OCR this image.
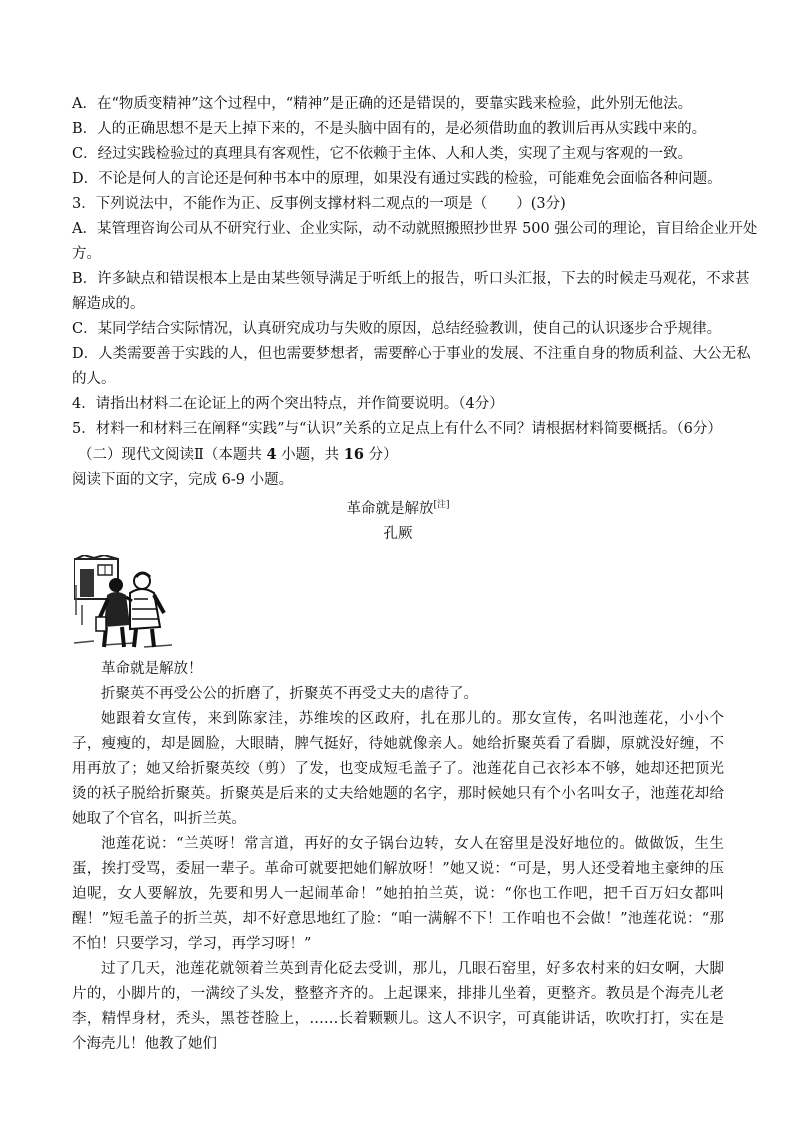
A．在“物质变精神”这个过程中，“精神”是正确的还是错误的，要靠实践来检验，此外别无他法。
B．人的正确思想不是天上掉下来的，不是头脑中固有的，是必须借助血的教训后再从实践中来的。
C．经过实践检验过的真理具有客观性，它不依赖于主体、人和人类，实现了主观与客观的一致。
D．不论是何人的言论还是何种书本中的原理，如果没有通过实践的检验，可能难免会面临各种问题。
3．下列说法中，不能作为正、反事例支撑材料二观点的一项是（　　）(3分)
A．某管理咨询公司从不研究行业、企业实际，动不动就照搬照抄世界 500 强公司的理论，盲目给企业开处
方。
B．许多缺点和错误根本上是由某些领导满足于听纸上的报告，听口头汇报，下去的时候走马观花，不求甚
解造成的。
C．某同学结合实际情况，认真研究成功与失败的原因，总结经验教训，使自己的认识逐步合乎规律。
D．人类需要善于实践的人，但也需要梦想者，需要醉心于事业的发展、不注重自身的物质利益、大公无私
的人。
4．请指出材料二在论证上的两个突出特点，并作简要说明。（4分）
5．材料一和材料三在阐释“实践”与“认识”关系的立足点上有什么不同？请根据材料简要概括。（6分）
（二）现代文阅读Ⅱ（本题共 4 小题，共 16 分）
阅读下面的文字，完成 6-9 小题。
革命就是解放[注]
孔厥
革命就是解放！
折聚英不再受公公的折磨了，折聚英不再受丈夫的虐待了。
她跟着女宣传，来到陈家洼，苏维埃的区政府，扎在那儿的。那女宣传，名叫池莲花，小小个子，瘦瘦的，却是圆脸，大眼睛，脾气挺好，待她就像亲人。她给折聚英看了看脚，原就没好缠，不用再放了；她又给折聚英绞（剪）了发，也变成短毛盖子了。池莲花自己衣衫本不够，她却还把顶光烫的袄子脱给折聚英。折聚英是后来的丈夫给她题的名字，那时候她只有个小名叫女子，池莲花却给她取了个官名，叫折兰英。
池莲花说：“兰英呀！常言道，再好的女子锅台边转，女人在窑里是没好地位的。做做饭，生生蛋，挨打受骂，委屈一辈子。革命可就要把她们解放呀！”她又说：“可是，男人还受着地主豪绅的压迫呢，女人要解放，先要和男人一起闹革命！”她拍拍兰英，说：“你也工作吧，把千百万妇女都叫醒！”短毛盖子的折兰英，却不好意思地红了脸：“咱一满解不下！工作咱也不会做！”池莲花说：“那不怕！只要学习，学习，再学习呀！”
过了几天，池莲花就领着兰英到青化砭去受训，那儿，几眼石窑里，好多农村来的妇女啊，大脚片的，小脚片的，一满绞了头发，整整齐齐的。上起课来，排排儿坐着，更整齐。教员是个海壳儿老李，精悍身材，秃头，黑苍苍脸上，……长着颗颗儿。这人不识字，可真能讲话，吹吹打打，实在是个海壳儿！他教了她们
